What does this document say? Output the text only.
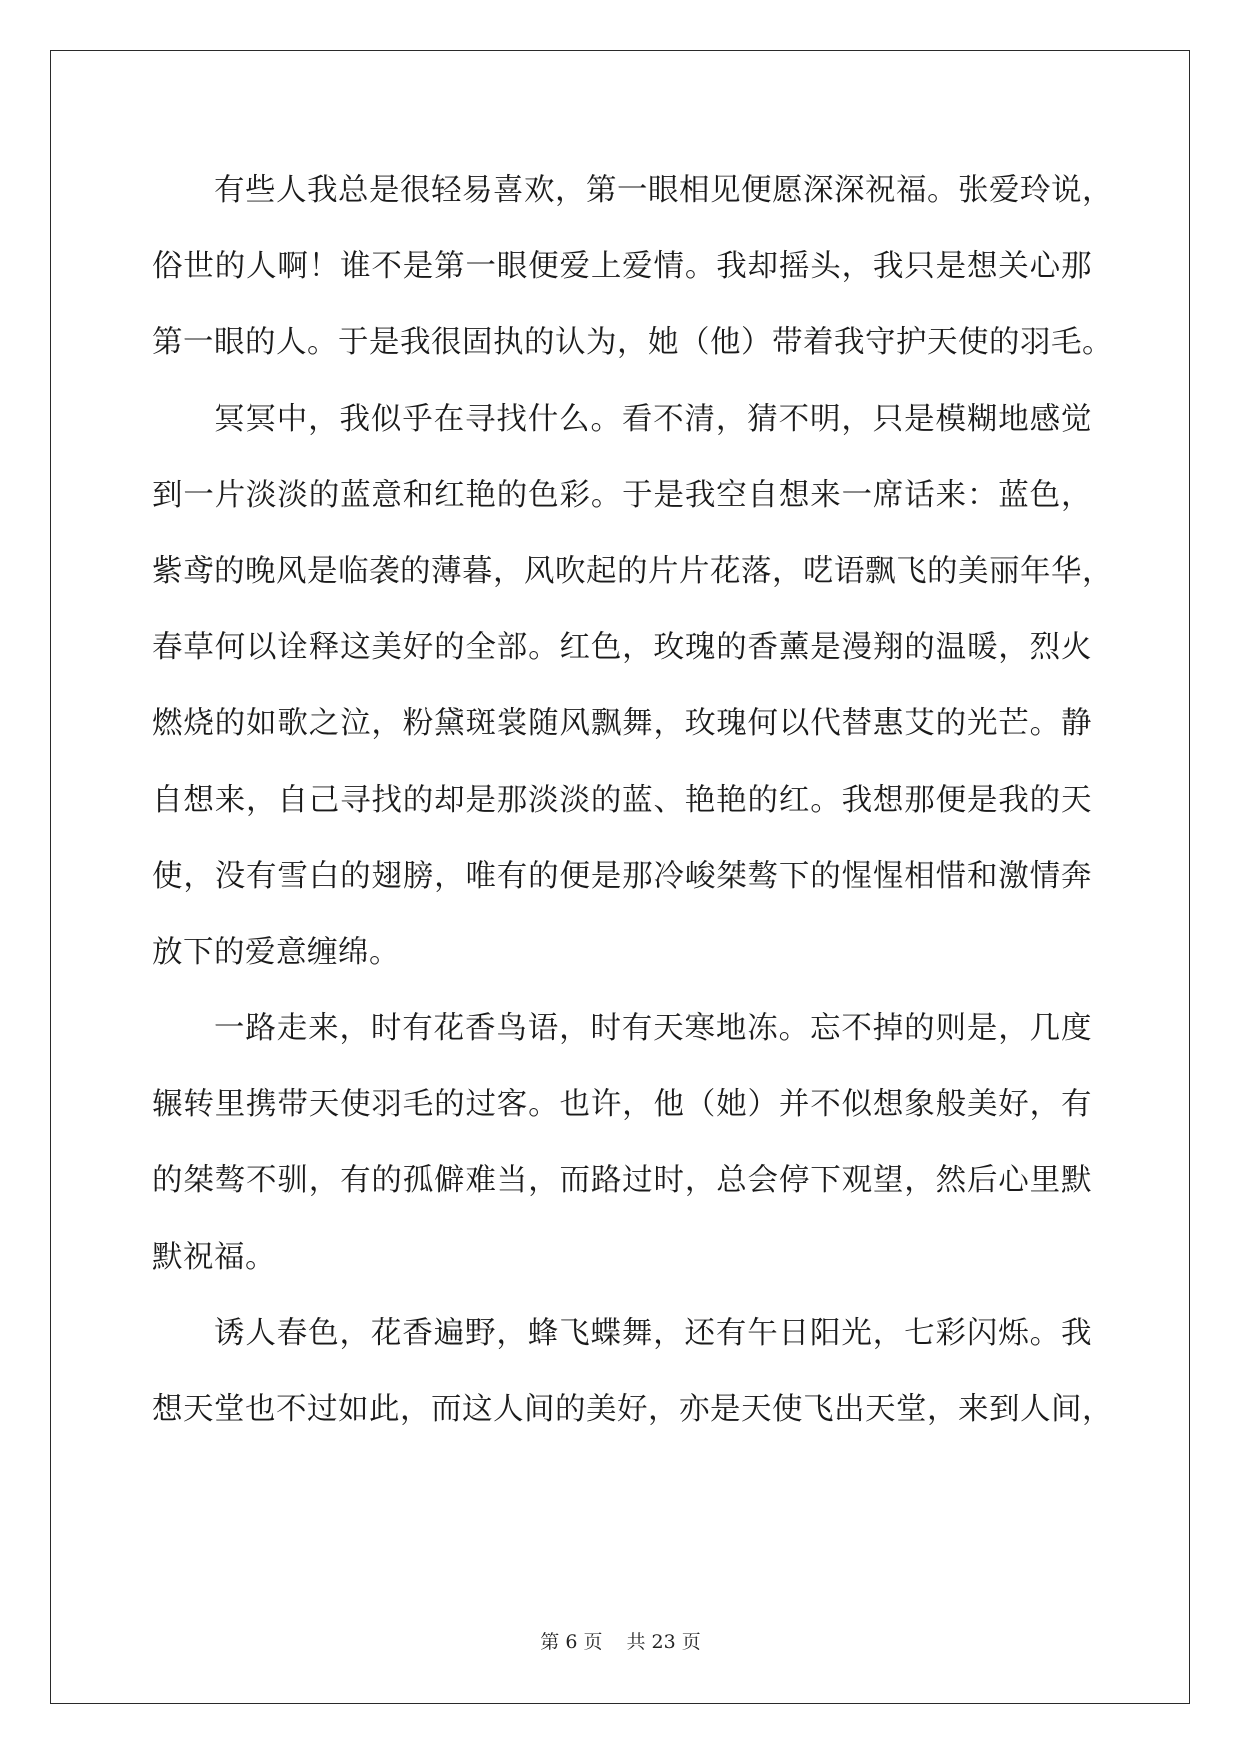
有些人我总是很轻易喜欢，第一眼相见便愿深深祝福。张爱玲说，
俗世的人啊！谁不是第一眼便爱上爱情。我却摇头，我只是想关心那
第一眼的人。于是我很固执的认为，她（他）带着我守护天使的羽毛。
冥冥中，我似乎在寻找什么。看不清，猜不明，只是模糊地感觉
到一片淡淡的蓝意和红艳的色彩。于是我空自想来一席话来：蓝色，
紫鸢的晚风是临袭的薄暮，风吹起的片片花落，呓语飘飞的美丽年华，
春草何以诠释这美好的全部。红色，玫瑰的香薰是漫翔的温暖，烈火
燃烧的如歌之泣，粉黛斑裳随风飘舞，玫瑰何以代替惠艾的光芒。静
自想来，自己寻找的却是那淡淡的蓝、艳艳的红。我想那便是我的天
使，没有雪白的翅膀，唯有的便是那冷峻桀骜下的惺惺相惜和激情奔
放下的爱意缠绵。
一路走来，时有花香鸟语，时有天寒地冻。忘不掉的则是，几度
辗转里携带天使羽毛的过客。也许，他（她）并不似想象般美好，有
的桀骜不驯，有的孤僻难当，而路过时，总会停下观望，然后心里默
默祝福。
诱人春色，花香遍野，蜂飞蝶舞，还有午日阳光，七彩闪烁。我
想天堂也不过如此，而这人间的美好，亦是天使飞出天堂，来到人间，
第 6 页 共 23 页
